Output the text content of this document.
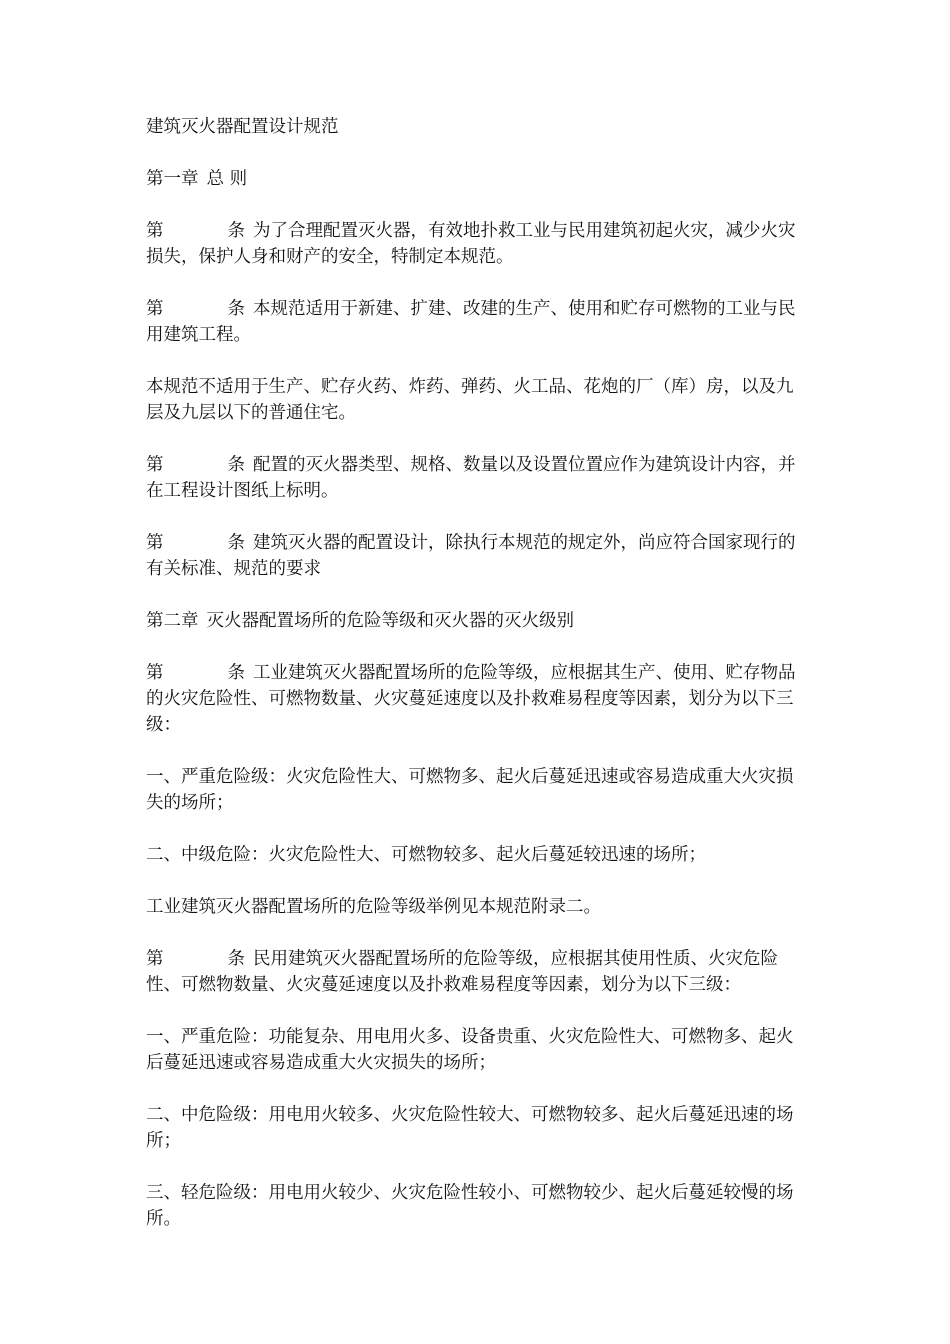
建筑灭火器配置设计规范

第一章 总 则

第	条 为了合理配置灭火器，有效地扑救工业与民用建筑初起火灾，减少火灾损失，保护人身和财产的安全，特制定本规范。

第	条 本规范适用于新建、扩建、改建的生产、使用和贮存可燃物的工业与民用建筑工程。

本规范不适用于生产、贮存火药、炸药、弹药、火工品、花炮的厂（库）房，以及九层及九层以下的普通住宅。

第	条 配置的灭火器类型、规格、数量以及设置位置应作为建筑设计内容，并在工程设计图纸上标明。

第	条 建筑灭火器的配置设计，除执行本规范的规定外，尚应符合国家现行的有关标准、规范的要求

第二章 灭火器配置场所的危险等级和灭火器的灭火级别

第	条 工业建筑灭火器配置场所的危险等级，应根据其生产、使用、贮存物品的火灾危险性、可燃物数量、火灾蔓延速度以及扑救难易程度等因素，划分为以下三级：

一、严重危险级：火灾危险性大、可燃物多、起火后蔓延迅速或容易造成重大火灾损失的场所；

二、中级危险：火灾危险性大、可燃物较多、起火后蔓延较迅速的场所；

工业建筑灭火器配置场所的危险等级举例见本规范附录二。

第	条 民用建筑灭火器配置场所的危险等级，应根据其使用性质、火灾危险性、可燃物数量、火灾蔓延速度以及扑救难易程度等因素，划分为以下三级：

一、严重危险：功能复杂、用电用火多、设备贵重、火灾危险性大、可燃物多、起火后蔓延迅速或容易造成重大火灾损失的场所；

二、中危险级：用电用火较多、火灾危险性较大、可燃物较多、起火后蔓延迅速的场所；

三、轻危险级：用电用火较少、火灾危险性较小、可燃物较少、起火后蔓延较慢的场所。
